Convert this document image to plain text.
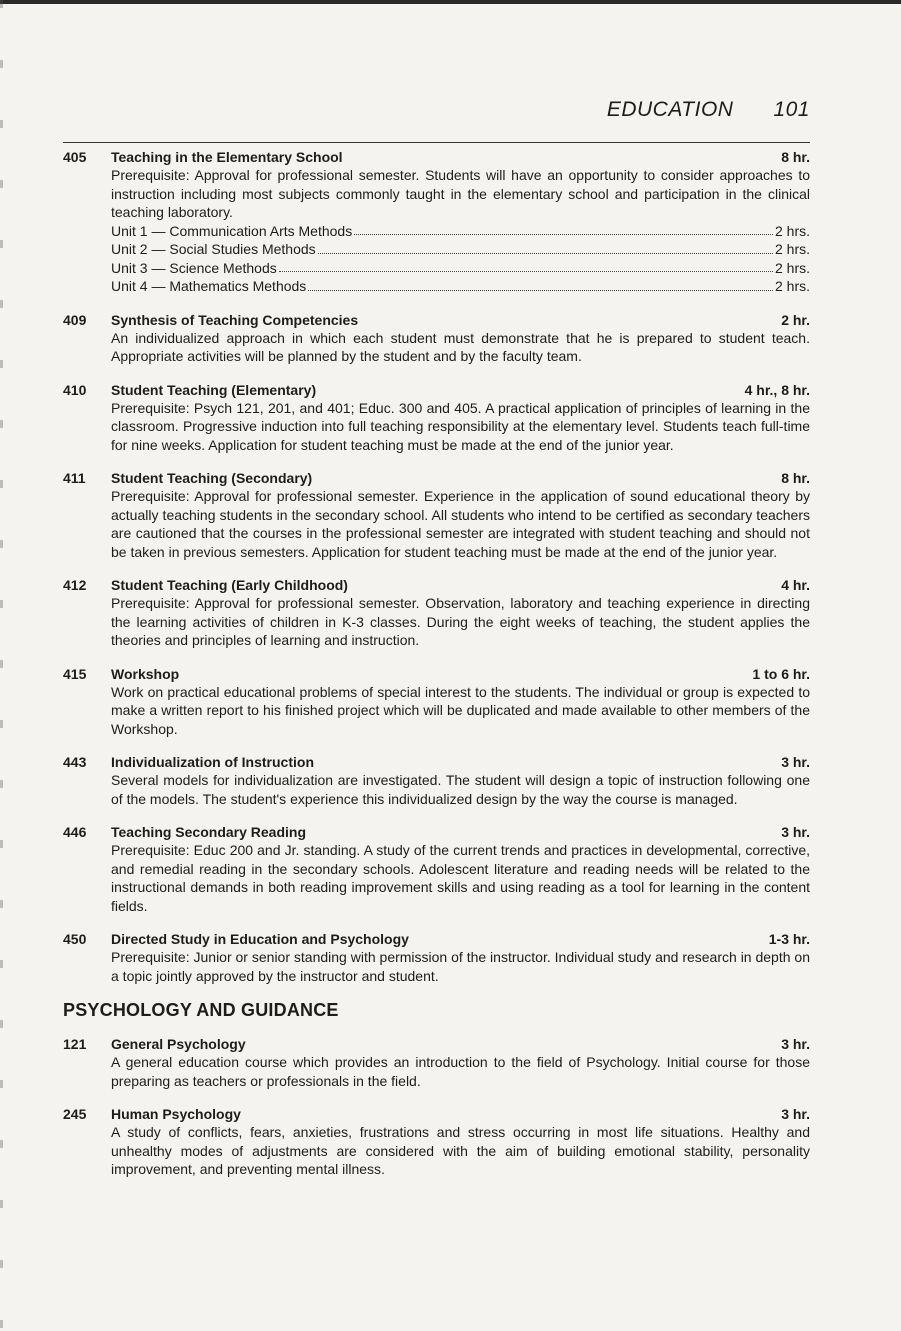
EDUCATION 101
405	Teaching in the Elementary School	8 hr.
Prerequisite: Approval for professional semester. Students will have an opportunity to consider approaches to instruction including most subjects commonly taught in the elementary school and participation in the clinical teaching laboratory.
Unit 1 — Communication Arts Methods	2 hrs.
Unit 2 — Social Studies Methods	2 hrs.
Unit 3 — Science Methods	2 hrs.
Unit 4 — Mathematics Methods	2 hrs.
409	Synthesis of Teaching Competencies	2 hr.
An individualized approach in which each student must demonstrate that he is prepared to student teach. Appropriate activities will be planned by the student and by the faculty team.
410	Student Teaching (Elementary)	4 hr., 8 hr.
Prerequisite: Psych 121, 201, and 401; Educ. 300 and 405. A practical application of principles of learning in the classroom. Progressive induction into full teaching responsibility at the elementary level. Students teach full-time for nine weeks. Application for student teaching must be made at the end of the junior year.
411	Student Teaching (Secondary)	8 hr.
Prerequisite: Approval for professional semester. Experience in the application of sound educational theory by actually teaching students in the secondary school. All students who intend to be certified as secondary teachers are cautioned that the courses in the professional semester are integrated with student teaching and should not be taken in previous semesters. Application for student teaching must be made at the end of the junior year.
412	Student Teaching (Early Childhood)	4 hr.
Prerequisite: Approval for professional semester. Observation, laboratory and teaching experience in directing the learning activities of children in K-3 classes. During the eight weeks of teaching, the student applies the theories and principles of learning and instruction.
415	Workshop	1 to 6 hr.
Work on practical educational problems of special interest to the students. The individual or group is expected to make a written report to his finished project which will be duplicated and made available to other members of the Workshop.
443	Individualization of Instruction	3 hr.
Several models for individualization are investigated. The student will design a topic of instruction following one of the models. The student's experience this individualized design by the way the course is managed.
446	Teaching Secondary Reading	3 hr.
Prerequisite: Educ 200 and Jr. standing. A study of the current trends and practices in developmental, corrective, and remedial reading in the secondary schools. Adolescent literature and reading needs will be related to the instructional demands in both reading improvement skills and using reading as a tool for learning in the content fields.
450	Directed Study in Education and Psychology	1-3 hr.
Prerequisite: Junior or senior standing with permission of the instructor. Individual study and research in depth on a topic jointly approved by the instructor and student.
PSYCHOLOGY AND GUIDANCE
121	General Psychology	3 hr.
A general education course which provides an introduction to the field of Psychology. Initial course for those preparing as teachers or professionals in the field.
245	Human Psychology	3 hr.
A study of conflicts, fears, anxieties, frustrations and stress occurring in most life situations. Healthy and unhealthy modes of adjustments are considered with the aim of building emotional stability, personality improvement, and preventing mental illness.
